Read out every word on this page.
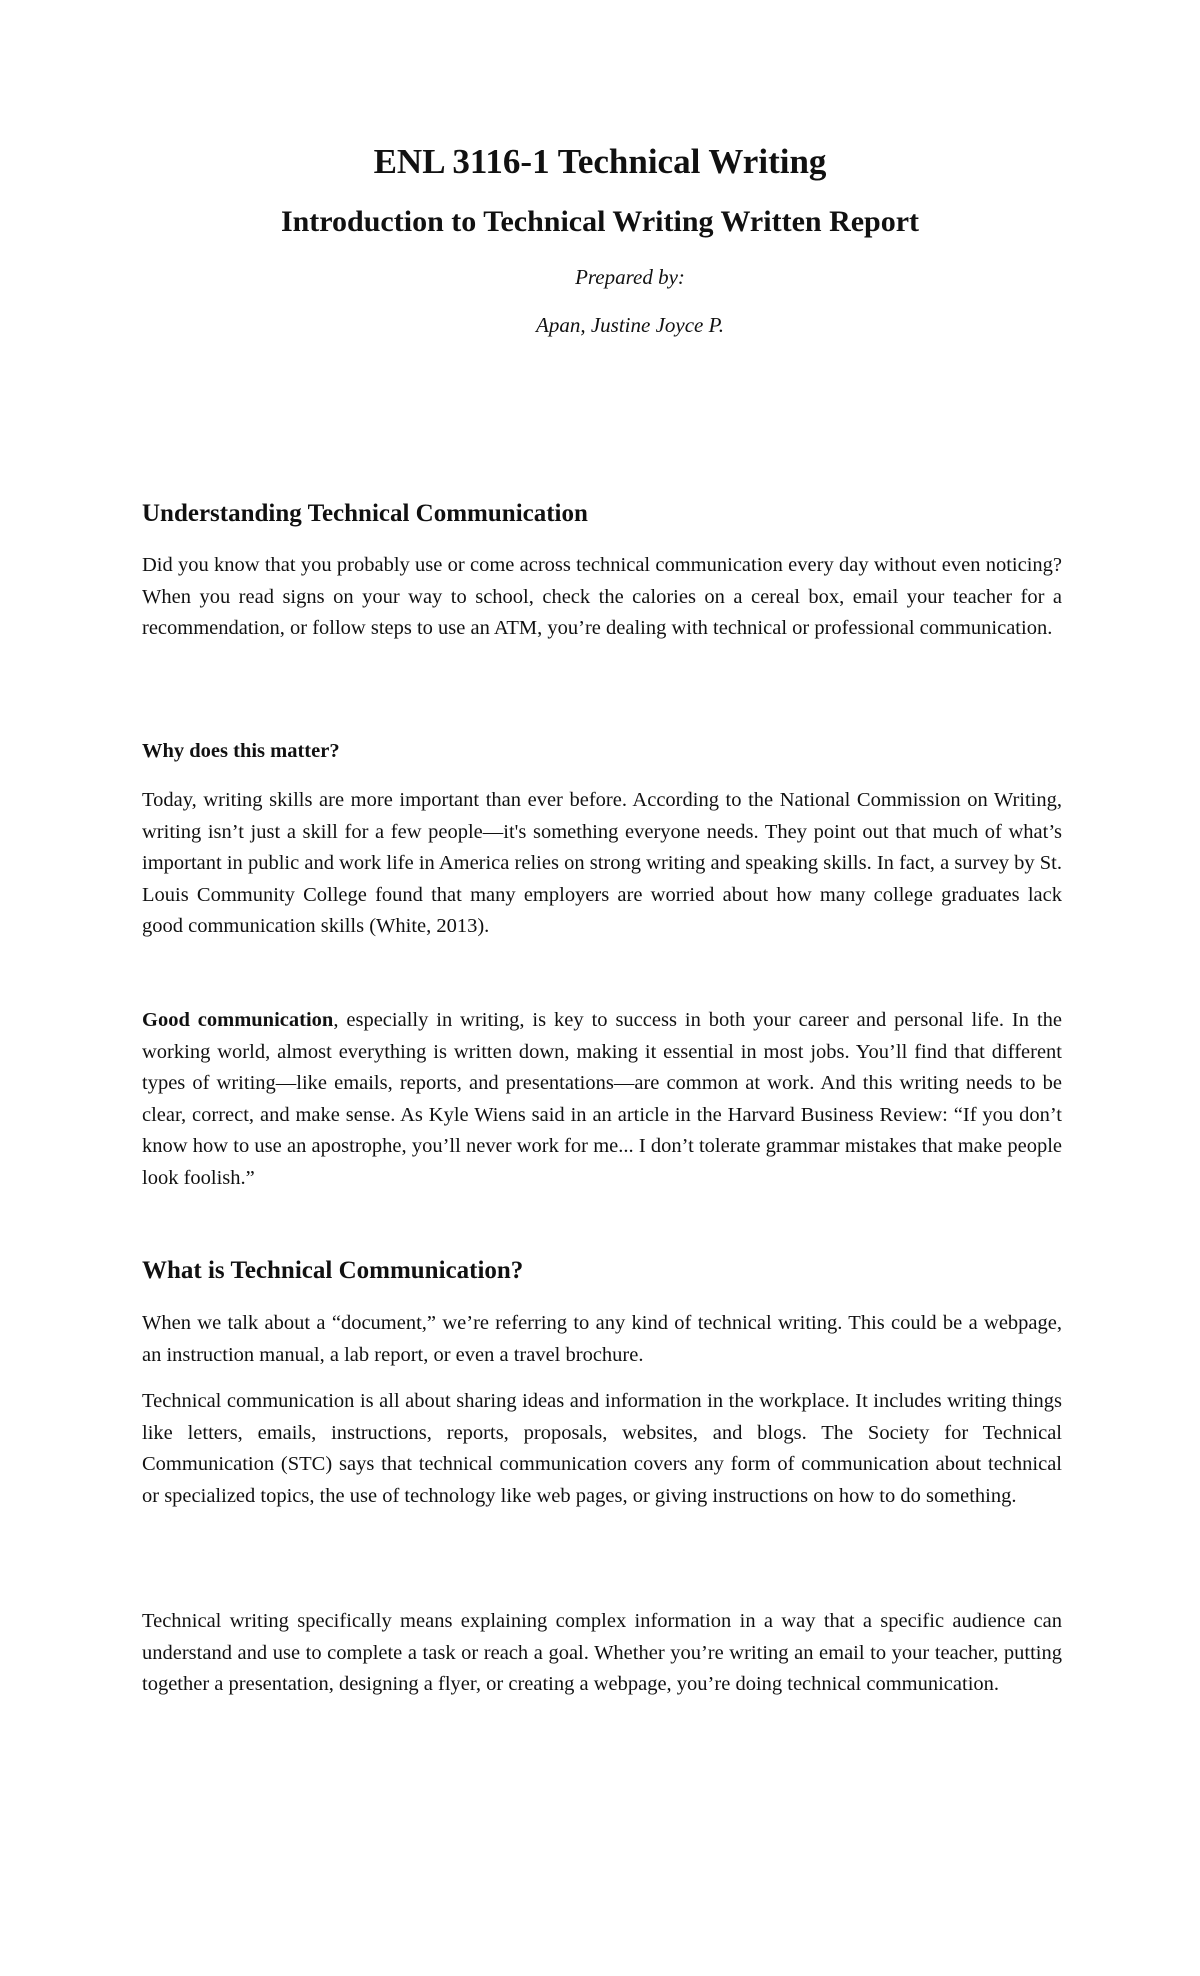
ENL 3116-1 Technical Writing
Introduction to Technical Writing Written Report

Prepared by:

Apan, Justine Joyce P.

Understanding Technical Communication

Did you know that you probably use or come across technical communication every day without even noticing? When you read signs on your way to school, check the calories on a cereal box, email your teacher for a recommendation, or follow steps to use an ATM, you’re dealing with technical or professional communication.

Why does this matter?

Today, writing skills are more important than ever before. According to the National Commission on Writing, writing isn’t just a skill for a few people—it's something everyone needs. They point out that much of what’s important in public and work life in America relies on strong writing and speaking skills. In fact, a survey by St. Louis Community College found that many employers are worried about how many college graduates lack good communication skills (White, 2013).

Good communication, especially in writing, is key to success in both your career and personal life. In the working world, almost everything is written down, making it essential in most jobs. You’ll find that different types of writing—like emails, reports, and presentations—are common at work. And this writing needs to be clear, correct, and make sense. As Kyle Wiens said in an article in the Harvard Business Review: “If you don’t know how to use an apostrophe, you’ll never work for me... I don’t tolerate grammar mistakes that make people look foolish.”

What is Technical Communication?

When we talk about a “document,” we’re referring to any kind of technical writing. This could be a webpage, an instruction manual, a lab report, or even a travel brochure.

Technical communication is all about sharing ideas and information in the workplace. It includes writing things like letters, emails, instructions, reports, proposals, websites, and blogs. The Society for Technical Communication (STC) says that technical communication covers any form of communication about technical or specialized topics, the use of technology like web pages, or giving instructions on how to do something.

Technical writing specifically means explaining complex information in a way that a specific audience can understand and use to complete a task or reach a goal. Whether you’re writing an email to your teacher, putting together a presentation, designing a flyer, or creating a webpage, you’re doing technical communication.
